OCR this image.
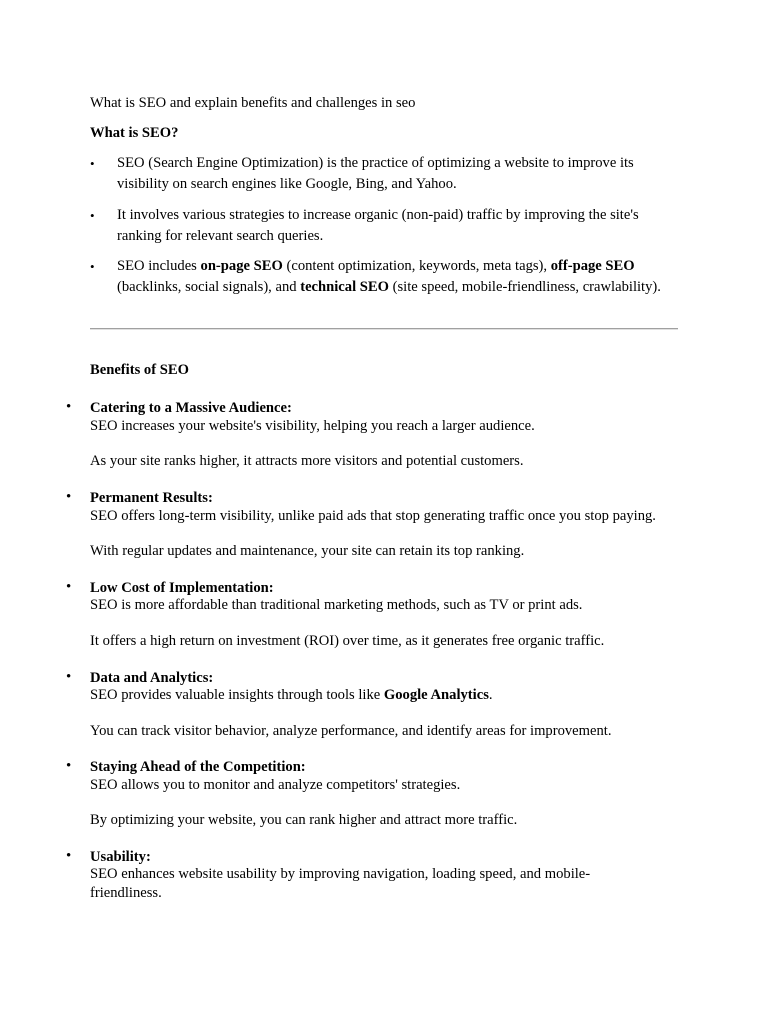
What is SEO and explain benefits and challenges in seo

What is SEO?

• SEO (Search Engine Optimization) is the practice of optimizing a website to improve its visibility on search engines like Google, Bing, and Yahoo.

• It involves various strategies to increase organic (non-paid) traffic by improving the site's ranking for relevant search queries.

• SEO includes on-page SEO (content optimization, keywords, meta tags), off-page SEO (backlinks, social signals), and technical SEO (site speed, mobile-friendliness, crawlability).

Benefits of SEO

• Catering to a Massive Audience:

SEO increases your website's visibility, helping you reach a larger audience.

As your site ranks higher, it attracts more visitors and potential customers.

• Permanent Results:

SEO offers long-term visibility, unlike paid ads that stop generating traffic once you stop paying.

With regular updates and maintenance, your site can retain its top ranking.

• Low Cost of Implementation:

SEO is more affordable than traditional marketing methods, such as TV or print ads.

It offers a high return on investment (ROI) over time, as it generates free organic traffic.

• Data and Analytics:

SEO provides valuable insights through tools like Google Analytics.

You can track visitor behavior, analyze performance, and identify areas for improvement.

• Staying Ahead of the Competition:

SEO allows you to monitor and analyze competitors' strategies.

By optimizing your website, you can rank higher and attract more traffic.

• Usability:

SEO enhances website usability by improving navigation, loading speed, and mobile-friendliness.
